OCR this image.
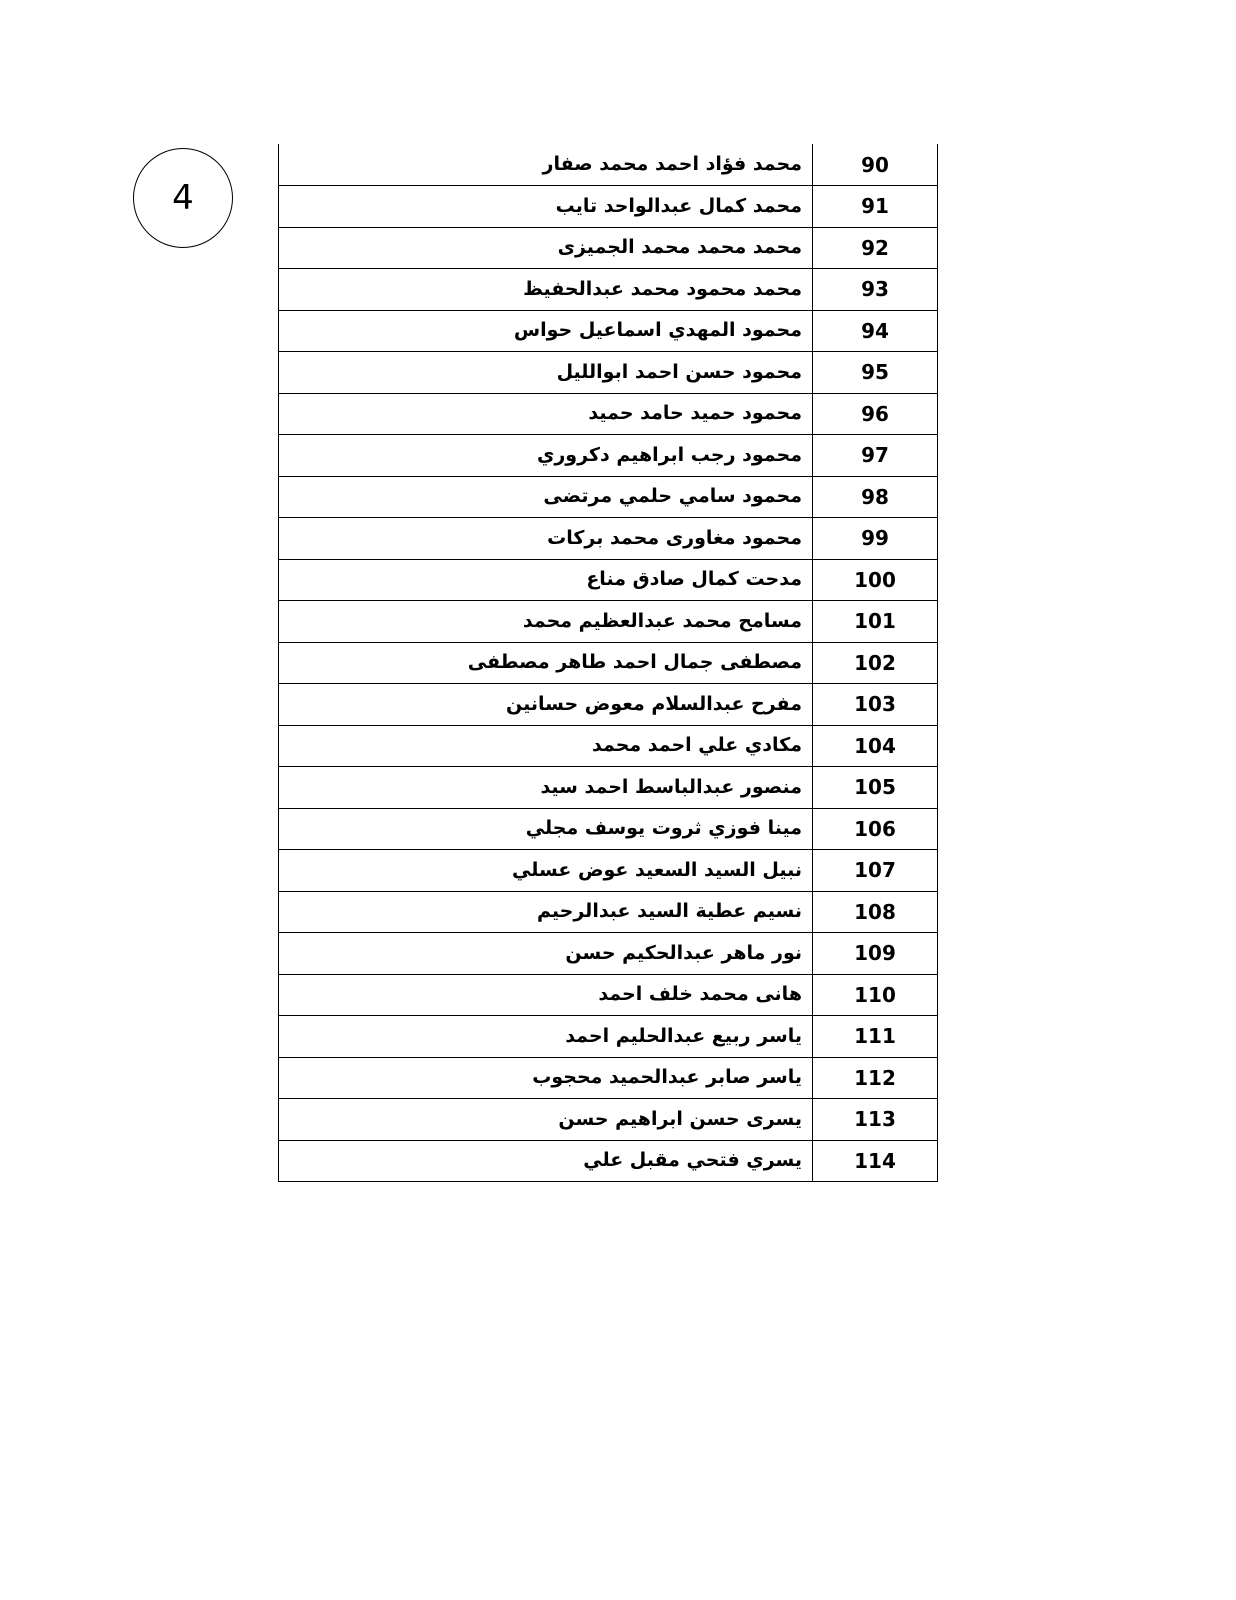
4
90	محمد فؤاد احمد محمد صفار
91	محمد كمال عبدالواحد تايب
92	محمد محمد محمد الجميزى
93	محمد محمود محمد عبدالحفيظ
94	محمود المهدي اسماعيل حواس
95	محمود حسن احمد ابوالليل
96	محمود حميد حامد حميد
97	محمود رجب ابراهيم دكروري
98	محمود سامي حلمي مرتضى
99	محمود مغاورى محمد بركات
100	مدحت كمال صادق مناع
101	مسامح محمد عبدالعظيم محمد
102	مصطفى جمال احمد طاهر مصطفى
103	مفرح عبدالسلام معوض حسانين
104	مكادي علي احمد محمد
105	منصور عبدالباسط احمد سيد
106	مينا فوزي ثروت يوسف مجلي
107	نبيل السيد السعيد عوض عسلي
108	نسيم عطية السيد عبدالرحيم
109	نور ماهر عبدالحكيم حسن
110	هانى محمد خلف احمد
111	ياسر ربيع عبدالحليم احمد
112	ياسر صابر عبدالحميد محجوب
113	يسرى حسن ابراهيم حسن
114	يسري فتحي مقبل علي
